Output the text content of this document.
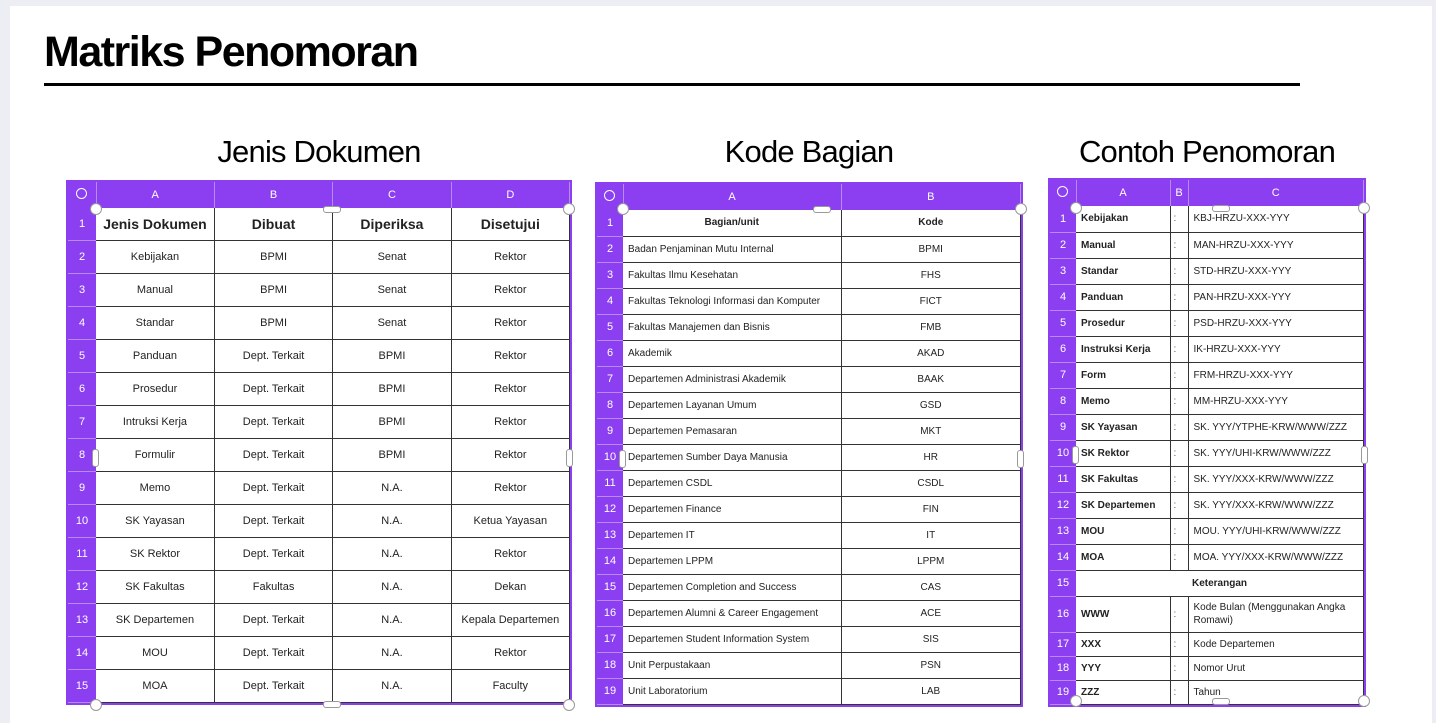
Matriks Penomoran
Jenis Dokumen	Kode Bagian	Contoh Penomoran
	A	B	C	D
1	Jenis Dokumen	Dibuat	Diperiksa	Disetujui
2	Kebijakan	BPMI	Senat	Rektor
3	Manual	BPMI	Senat	Rektor
4	Standar	BPMI	Senat	Rektor
5	Panduan	Dept. Terkait	BPMI	Rektor
6	Prosedur	Dept. Terkait	BPMI	Rektor
7	Intruksi Kerja	Dept. Terkait	BPMI	Rektor
8	Formulir	Dept. Terkait	BPMI	Rektor
9	Memo	Dept. Terkait	N.A.	Rektor
10	SK Yayasan	Dept. Terkait	N.A.	Ketua Yayasan
11	SK Rektor	Dept. Terkait	N.A.	Rektor
12	SK Fakultas	Fakultas	N.A.	Dekan
13	SK Departemen	Dept. Terkait	N.A.	Kepala Departemen
14	MOU	Dept. Terkait	N.A.	Rektor
15	MOA	Dept. Terkait	N.A.	Faculty
	A	B
1	Bagian/unit	Kode
2	Badan Penjaminan Mutu Internal	BPMI
3	Fakultas Ilmu Kesehatan	FHS
4	Fakultas Teknologi Informasi dan Komputer	FICT
5	Fakultas Manajemen dan Bisnis	FMB
6	Akademik	AKAD
7	Departemen Administrasi Akademik	BAAK
8	Departemen Layanan Umum	GSD
9	Departemen Pemasaran	MKT
10	Departemen Sumber Daya Manusia	HR
11	Departemen CSDL	CSDL
12	Departemen Finance	FIN
13	Departemen IT	IT
14	Departemen LPPM	LPPM
15	Departemen Completion and Success	CAS
16	Departemen Alumni & Career Engagement	ACE
17	Departemen Student Information System	SIS
18	Unit Perpustakaan	PSN
19	Unit Laboratorium	LAB
	A	B	C
1	Kebijakan	:	KBJ-HRZU-XXX-YYY
2	Manual	:	MAN-HRZU-XXX-YYY
3	Standar	:	STD-HRZU-XXX-YYY
4	Panduan	:	PAN-HRZU-XXX-YYY
5	Prosedur	:	PSD-HRZU-XXX-YYY
6	Instruksi Kerja	:	IK-HRZU-XXX-YYY
7	Form	:	FRM-HRZU-XXX-YYY
8	Memo	:	MM-HRZU-XXX-YYY
9	SK Yayasan	:	SK. YYY/YTPHE-KRW/WWW/ZZZ
10	SK Rektor	:	SK. YYY/UHI-KRW/WWW/ZZZ
11	SK Fakultas	:	SK. YYY/XXX-KRW/WWW/ZZZ
12	SK Departemen	:	SK. YYY/XXX-KRW/WWW/ZZZ
13	MOU	:	MOU. YYY/UHI-KRW/WWW/ZZZ
14	MOA	:	MOA. YYY/XXX-KRW/WWW/ZZZ
15	Keterangan		
16	WWW	:	Kode Bulan (Menggunakan Angka Romawi)
17	XXX	:	Kode Departemen
18	YYY	:	Nomor Urut
19	ZZZ	:	Tahun
